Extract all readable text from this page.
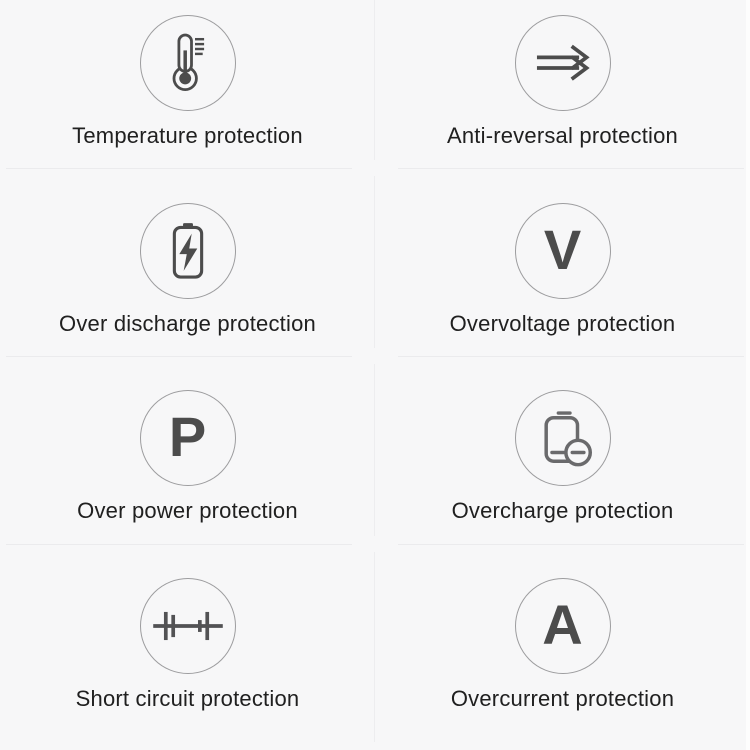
Temperature protection	Anti-reversal protection
Over discharge protection
V
Overvoltage protection
P
Over power protection	Overcharge protection
Short circuit protection
A
Overcurrent protection
